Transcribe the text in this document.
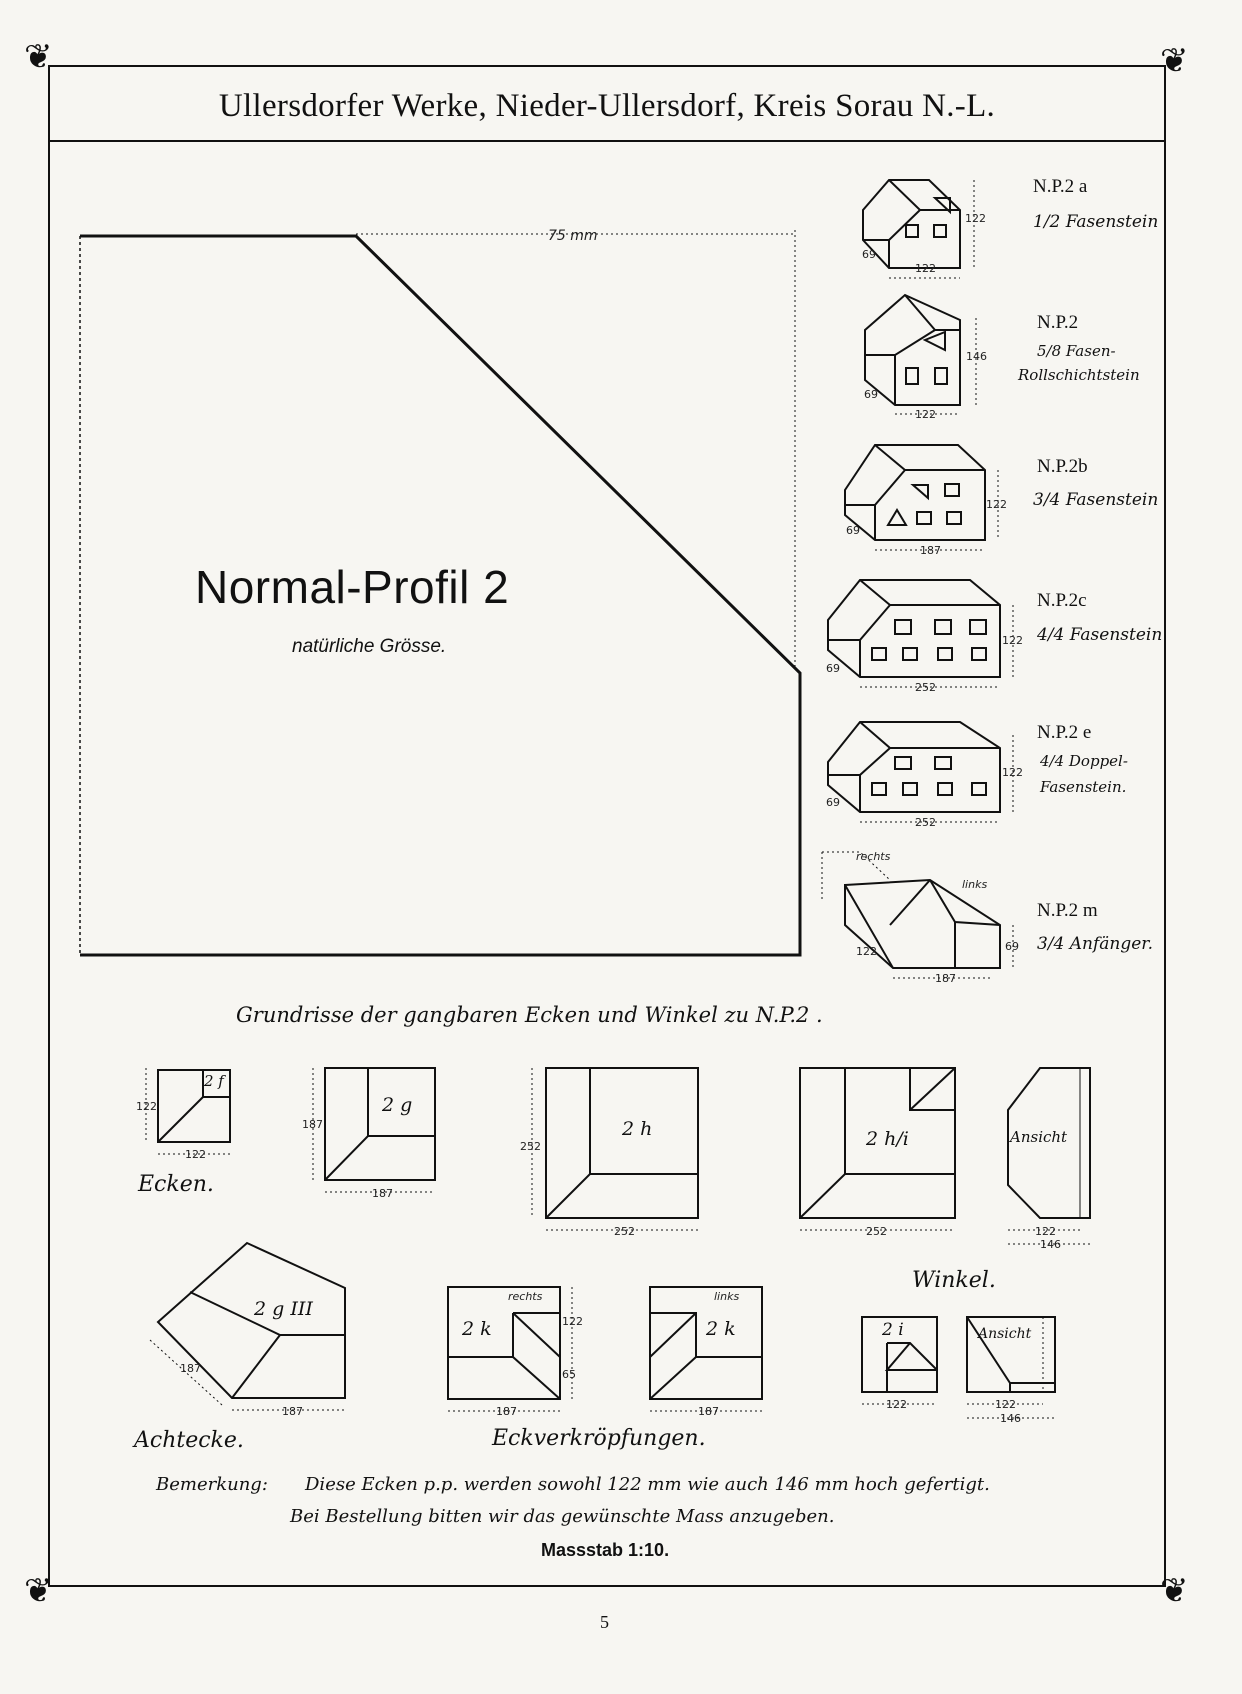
❦	❦
❦	❦
Ullersdorfer Werke, Nieder-Ullersdorf, Kreis Sorau N.-L.
75 mm
Normal-Profil 2
natürliche Grösse.
N.P.2 a
1/2 Fasenstein
122
122
69
N.P.2
5/8 Fasen-
Rollschichtstein
122
146
69
N.P.2b
3/4 Fasenstein
187
122
69
N.P.2c
4/4 Fasenstein
252
122
69
N.P.2 e
4/4 Doppel-
Fasenstein.
252
122
69
N.P.2 m
3/4 Anfänger.
187
122	69
rechts
links
Grundrisse der gangbaren Ecken und Winkel zu N.P.2 .
2 f
122
122	2 g
187
187	2 h
252
252	2 h/i
252
Ansicht
122
146
Ecken.
Winkel.
2 g III
187
187
2 k
rechts
187
122
65
2 k
links
187
2 i
122
Ansicht
122
146
Achtecke.	Eckverkröpfungen.
Bemerkung: Diese Ecken p.p. werden sowohl 122 mm wie auch 146 mm hoch gefertigt.
Bei Bestellung bitten wir das gewünschte Mass anzugeben.
Massstab 1:10.
5
